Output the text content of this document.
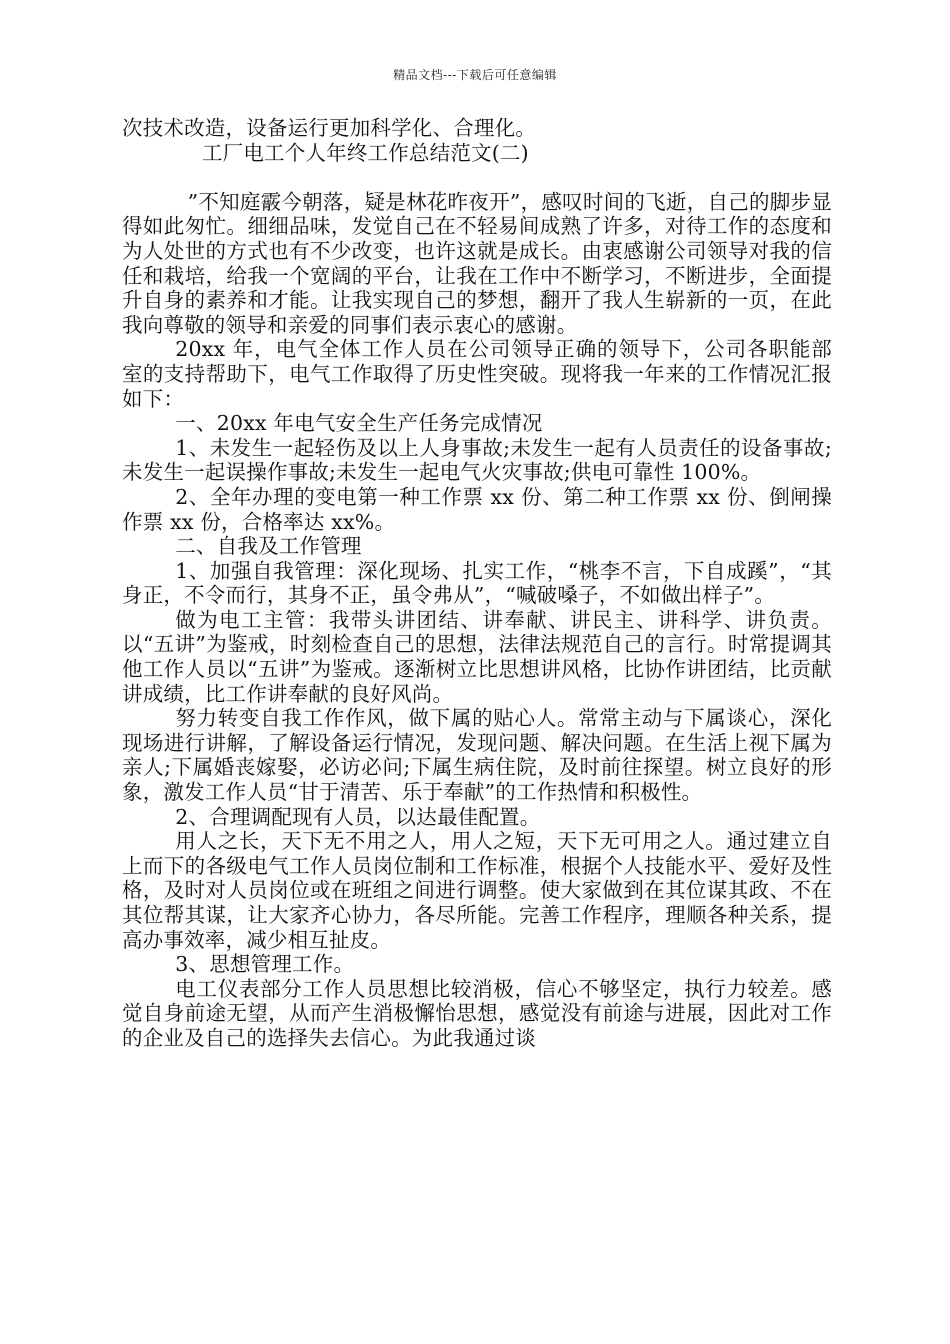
精品文档---下载后可任意编辑

次技术改造，设备运行更加科学化、合理化。

工厂电工个人年终工作总结范文(二)

”不知庭霰今朝落，疑是林花昨夜开”，感叹时间的飞逝，自己的脚步显得如此匆忙。细细品味，发觉自己在不轻易间成熟了许多，对待工作的态度和为人处世的方式也有不少改变，也许这就是成长。由衷感谢公司领导对我的信任和栽培，给我一个宽阔的平台，让我在工作中不断学习，不断进步，全面提升自身的素养和才能。让我实现自己的梦想，翻开了我人生崭新的一页，在此我向尊敬的领导和亲爱的同事们表示衷心的感谢。

20xx 年，电气全体工作人员在公司领导正确的领导下，公司各职能部室的支持帮助下，电气工作取得了历史性突破。现将我一年来的工作情况汇报如下：

一、20xx 年电气安全生产任务完成情况

1、未发生一起轻伤及以上人身事故;未发生一起有人员责任的设备事故;未发生一起误操作事故;未发生一起电气火灾事故;供电可靠性 100%。

2、全年办理的变电第一种工作票 xx 份、第二种工作票 xx 份、倒闸操作票 xx 份，合格率达 xx%。

二、自我及工作管理

1、加强自我管理：深化现场、扎实工作，“桃李不言，下自成蹊”，“其身正，不令而行，其身不正，虽令弗从”，“喊破嗓子，不如做出样子”。

做为电工主管：我带头讲团结、讲奉献、讲民主、讲科学、讲负责。以“五讲”为鉴戒，时刻检查自己的思想，法律法规范自己的言行。时常提调其他工作人员以“五讲”为鉴戒。逐渐树立比思想讲风格，比协作讲团结，比贡献讲成绩，比工作讲奉献的良好风尚。

努力转变自我工作作风，做下属的贴心人。常常主动与下属谈心，深化现场进行讲解，了解设备运行情况，发现问题、解决问题。在生活上视下属为亲人;下属婚丧嫁娶，必访必问;下属生病住院，及时前往探望。树立良好的形象，激发工作人员“甘于清苦、乐于奉献”的工作热情和积极性。

2、合理调配现有人员，以达最佳配置。

用人之长，天下无不用之人，用人之短，天下无可用之人。通过建立自上而下的各级电气工作人员岗位制和工作标准，根据个人技能水平、爱好及性格，及时对人员岗位或在班组之间进行调整。使大家做到在其位谋其政、不在其位帮其谋，让大家齐心协力，各尽所能。完善工作程序，理顺各种关系，提高办事效率，减少相互扯皮。

3、思想管理工作。

电工仪表部分工作人员思想比较消极，信心不够坚定，执行力较差。感觉自身前途无望，从而产生消极懈怡思想，感觉没有前途与进展，因此对工作的企业及自己的选择失去信心。为此我通过谈
